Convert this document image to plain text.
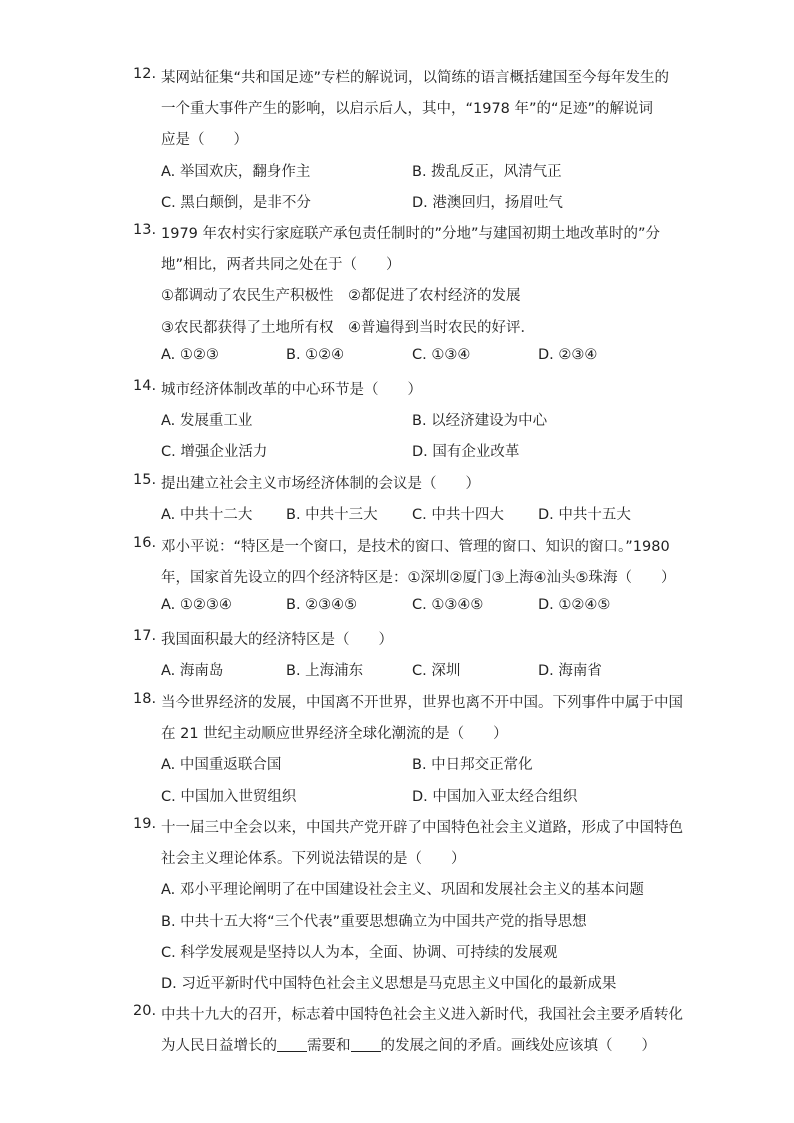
12. 某网站征集“共和国足迹”专栏的解说词，以简练的语言概括建国至今每年发生的
一个重大事件产生的影响，以启示后人，其中，“1978 年”的“足迹”的解说词
应是（　　）
A. 举国欢庆，翻身作主	B. 拨乱反正，风清气正
C. 黑白颠倒，是非不分	D. 港澳回归，扬眉吐气
13. 1979 年农村实行家庭联产承包责任制时的”分地”与建国初期土地改革时的”分
地”相比，两者共同之处在于（　　）
①都调动了农民生产积极性　②都促进了农村经济的发展
③农民都获得了土地所有权　④普遍得到当时农民的好评．
A. ①②③	B. ①②④	C. ①③④	D. ②③④
14. 城市经济体制改革的中心环节是（　　）
A. 发展重工业	B. 以经济建设为中心
C. 增强企业活力	D. 国有企业改革
15. 提出建立社会主义市场经济体制的会议是（　　）
A. 中共十二大 B. 中共十三大 C. 中共十四大 D. 中共十五大
16. 邓小平说：“特区是一个窗口，是技术的窗口、管理的窗口、知识的窗口。”1980
年，国家首先设立的四个经济特区是：①深圳②厦门③上海④汕头⑤珠海（　　）
A. ①②③④	B. ②③④⑤	C. ①③④⑤	D. ①②④⑤
17. 我国面积最大的经济特区是（　　）
A. 海南岛	B. 上海浦东	C. 深圳	D. 海南省
18. 当今世界经济的发展，中国离不开世界，世界也离不开中国。下列事件中属于中国
在 21 世纪主动顺应世界经济全球化潮流的是（　　）
A. 中国重返联合国	B. 中日邦交正常化
C. 中国加入世贸组织	D. 中国加入亚太经合组织
19. 十一届三中全会以来，中国共产党开辟了中国特色社会主义道路，形成了中国特色
社会主义理论体系。下列说法错误的是（　　）
A. 邓小平理论阐明了在中国建设社会主义、巩固和发展社会主义的基本问题
B. 中共十五大将“三个代表”重要思想确立为中国共产党的指导思想
C. 科学发展观是坚持以人为本，全面、协调、可持续的发展观
D. 习近平新时代中国特色社会主义思想是马克思主义中国化的最新成果
20. 中共十九大的召开，标志着中国特色社会主义进入新时代，我国社会主要矛盾转化
为人民日益增长的 需要和 的发展之间的矛盾。画线处应该填（　　）
